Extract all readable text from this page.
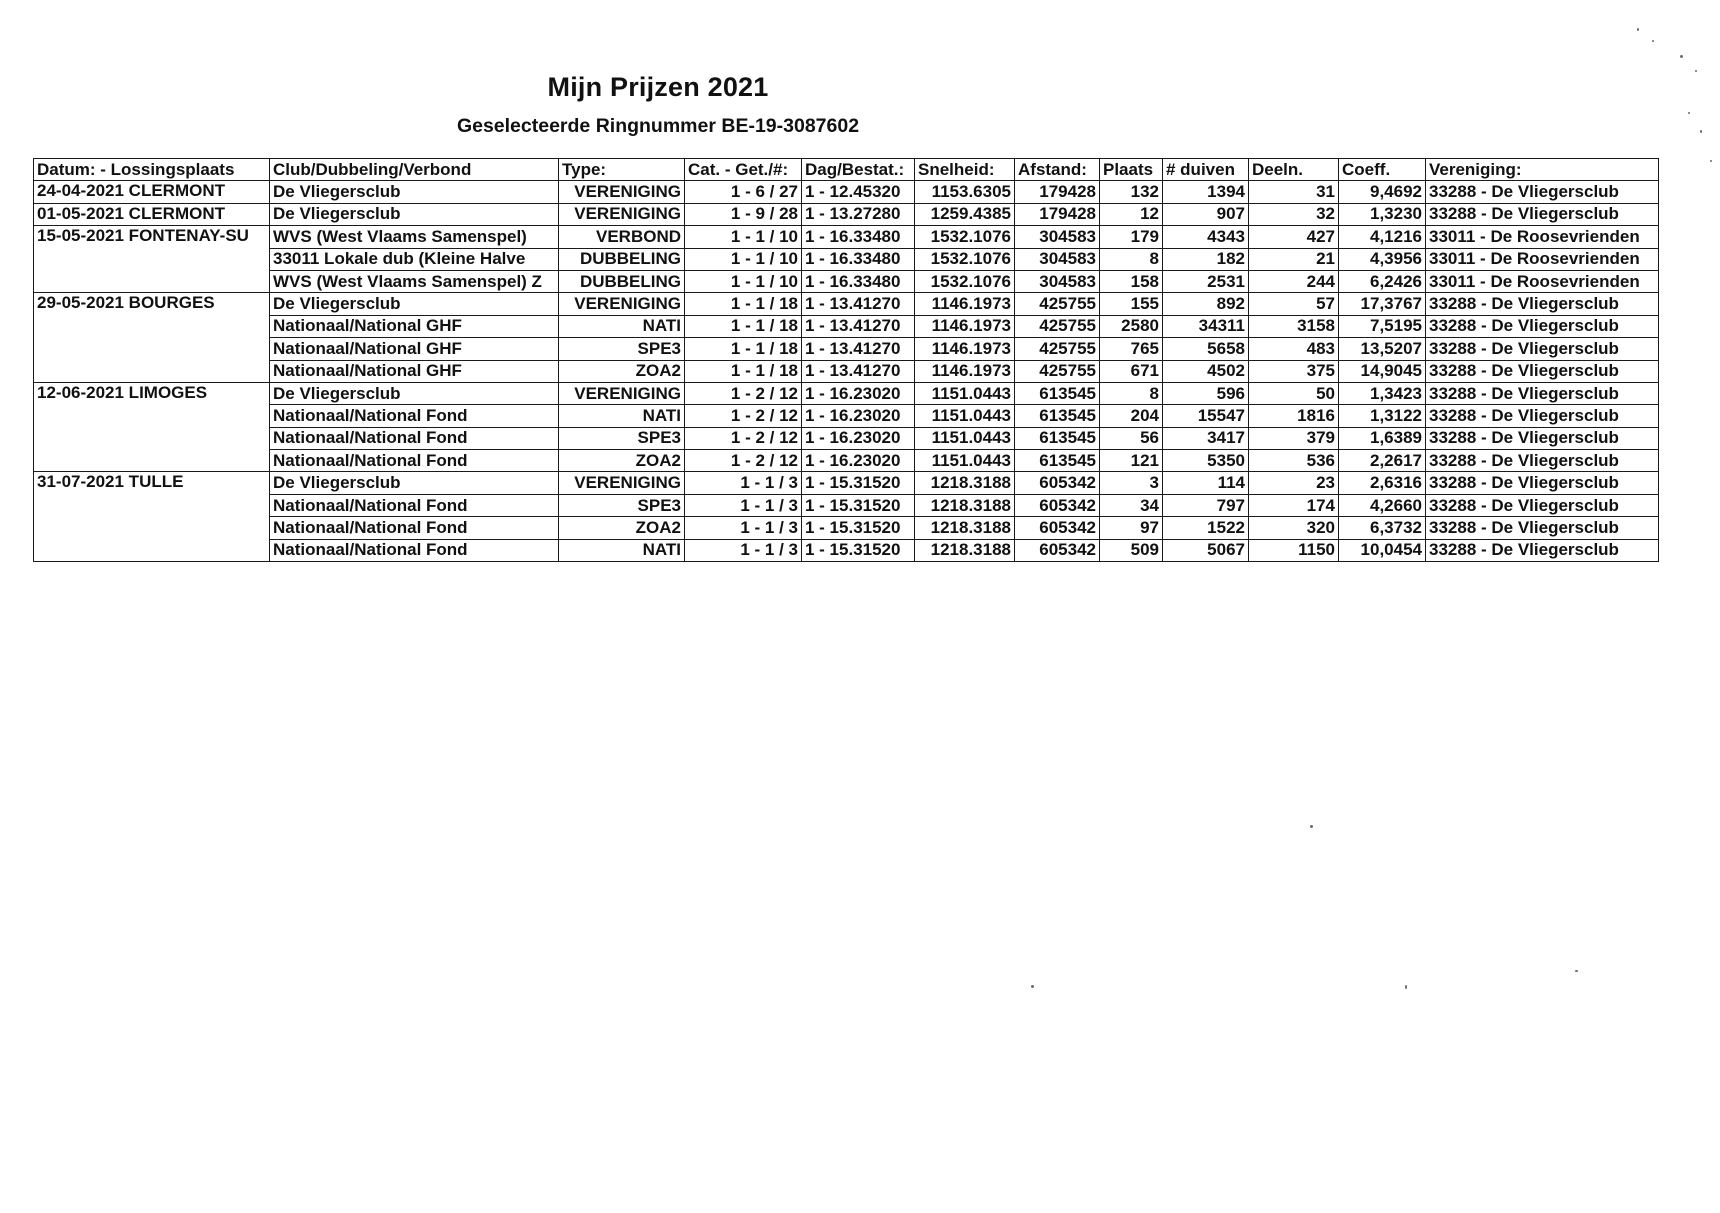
Mijn Prijzen 2021
Geselecteerde Ringnummer BE-19-3087602
Datum: - Lossingsplaats	Club/Dubbeling/Verbond	Type:	Cat. - Get./#:	Dag/Bestat.:	Snelheid:	Afstand:	Plaats	# duiven	Deeln.	Coeff.	Vereniging:
24-04-2021 CLERMONT	De Vliegersclub	VERENIGING	1 - 6 / 27	1 - 12.45320	1153.6305	179428	132	1394	31	9,4692	33288 - De Vliegersclub
01-05-2021 CLERMONT	De Vliegersclub	VERENIGING	1 - 9 / 28	1 - 13.27280	1259.4385	179428	12	907	32	1,3230	33288 - De Vliegersclub
15-05-2021 FONTENAY-SU	WVS (West Vlaams Samenspel)	VERBOND	1 - 1 / 10	1 - 16.33480	1532.1076	304583	179	4343	427	4,1216	33011 - De Roosevrienden
	33011 Lokale dub (Kleine Halve	DUBBELING	1 - 1 / 10	1 - 16.33480	1532.1076	304583	8	182	21	4,3956	33011 - De Roosevrienden
	WVS (West Vlaams Samenspel) Z	DUBBELING	1 - 1 / 10	1 - 16.33480	1532.1076	304583	158	2531	244	6,2426	33011 - De Roosevrienden
29-05-2021 BOURGES	De Vliegersclub	VERENIGING	1 - 1 / 18	1 - 13.41270	1146.1973	425755	155	892	57	17,3767	33288 - De Vliegersclub
	Nationaal/National GHF	NATI	1 - 1 / 18	1 - 13.41270	1146.1973	425755	2580	34311	3158	7,5195	33288 - De Vliegersclub
	Nationaal/National GHF	SPE3	1 - 1 / 18	1 - 13.41270	1146.1973	425755	765	5658	483	13,5207	33288 - De Vliegersclub
	Nationaal/National GHF	ZOA2	1 - 1 / 18	1 - 13.41270	1146.1973	425755	671	4502	375	14,9045	33288 - De Vliegersclub
12-06-2021 LIMOGES	De Vliegersclub	VERENIGING	1 - 2 / 12	1 - 16.23020	1151.0443	613545	8	596	50	1,3423	33288 - De Vliegersclub
	Nationaal/National Fond	NATI	1 - 2 / 12	1 - 16.23020	1151.0443	613545	204	15547	1816	1,3122	33288 - De Vliegersclub
	Nationaal/National Fond	SPE3	1 - 2 / 12	1 - 16.23020	1151.0443	613545	56	3417	379	1,6389	33288 - De Vliegersclub
	Nationaal/National Fond	ZOA2	1 - 2 / 12	1 - 16.23020	1151.0443	613545	121	5350	536	2,2617	33288 - De Vliegersclub
31-07-2021 TULLE	De Vliegersclub	VERENIGING	1 - 1 / 3	1 - 15.31520	1218.3188	605342	3	114	23	2,6316	33288 - De Vliegersclub
	Nationaal/National Fond	SPE3	1 - 1 / 3	1 - 15.31520	1218.3188	605342	34	797	174	4,2660	33288 - De Vliegersclub
	Nationaal/National Fond	ZOA2	1 - 1 / 3	1 - 15.31520	1218.3188	605342	97	1522	320	6,3732	33288 - De Vliegersclub
	Nationaal/National Fond	NATI	1 - 1 / 3	1 - 15.31520	1218.3188	605342	509	5067	1150	10,0454	33288 - De Vliegersclub
